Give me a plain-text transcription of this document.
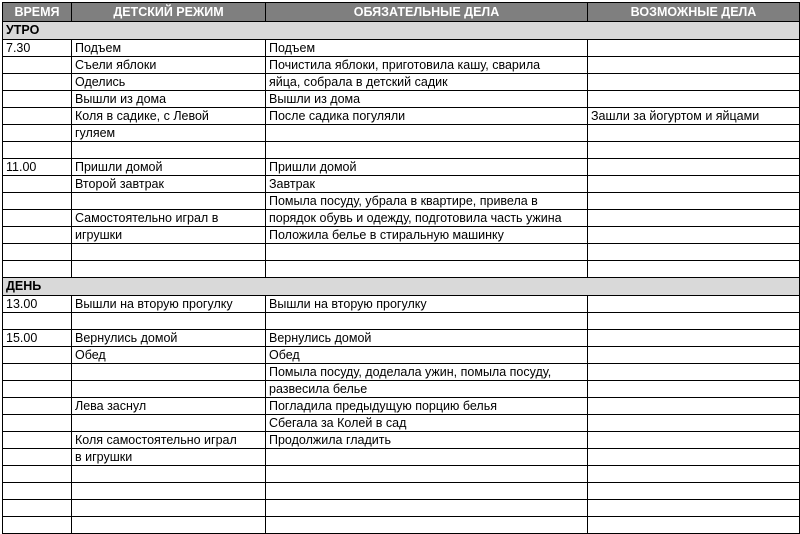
ВРЕМЯ	ДЕТСКИЙ РЕЖИМ	ОБЯЗАТЕЛЬНЫЕ ДЕЛА	ВОЗМОЖНЫЕ ДЕЛА
УТРО			
7.30	Подъем	Подъем	
	Съели яблоки	Почистила яблоки, приготовила кашу, сварила	
	Оделись	яйца, собрала в детский садик	
	Вышли из дома	Вышли из дома	
	Коля в садике, с Левой	После садика погуляли	Зашли за йогуртом и яйцами
	гуляем		

11.00	Пришли домой	Пришли домой	
	Второй завтрак	Завтрак	
		Помыла посуду, убрала в квартире, привела в	
	Самостоятельно играл в	порядок обувь и одежду, подготовила часть ужина	
	игрушки	Положила белье в стиральную машинку	

ДЕНЬ			
13.00	Вышли на вторую прогулку	Вышли на вторую прогулку	

15.00	Вернулись домой	Вернулись домой	
	Обед	Обед	
		Помыла посуду, доделала ужин, помыла посуду,	
		развесила белье	
	Лева заснул	Погладила предыдущую порцию белья	
		Сбегала за Колей в сад	
	Коля самостоятельно играл	Продолжила гладить	
	в игрушки		
